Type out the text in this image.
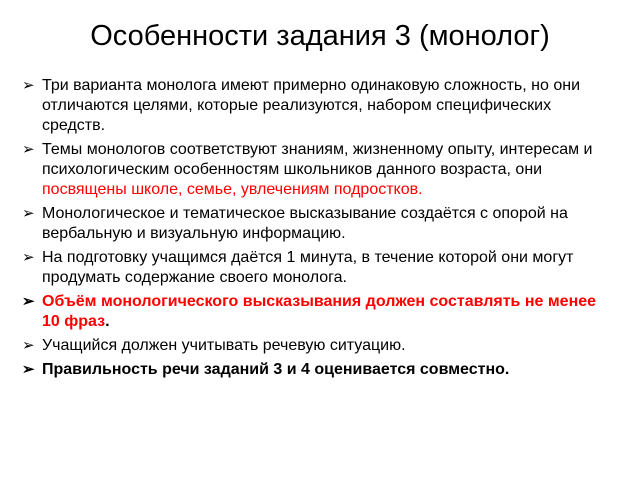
Особенности задания 3 (монолог)
➢ Три варианта монолога имеют примерно одинаковую сложность, но они отличаются целями, которые реализуются, набором специфических средств.
➢ Темы монологов соответствуют знаниям, жизненному опыту, интересам и психологическим особенностям школьников данного возраста, они посвящены школе, семье, увлечениям подростков.
➢ Монологическое и тематическое высказывание создаётся с опорой на вербальную и визуальную информацию.
➢ На подготовку учащимся даётся 1 минута, в течение которой они могут продумать содержание своего монолога.
➢ Объём монологического высказывания должен составлять не менее 10 фраз.
➢ Учащийся должен учитывать речевую ситуацию.
➢ Правильность речи заданий 3 и 4 оценивается совместно.
